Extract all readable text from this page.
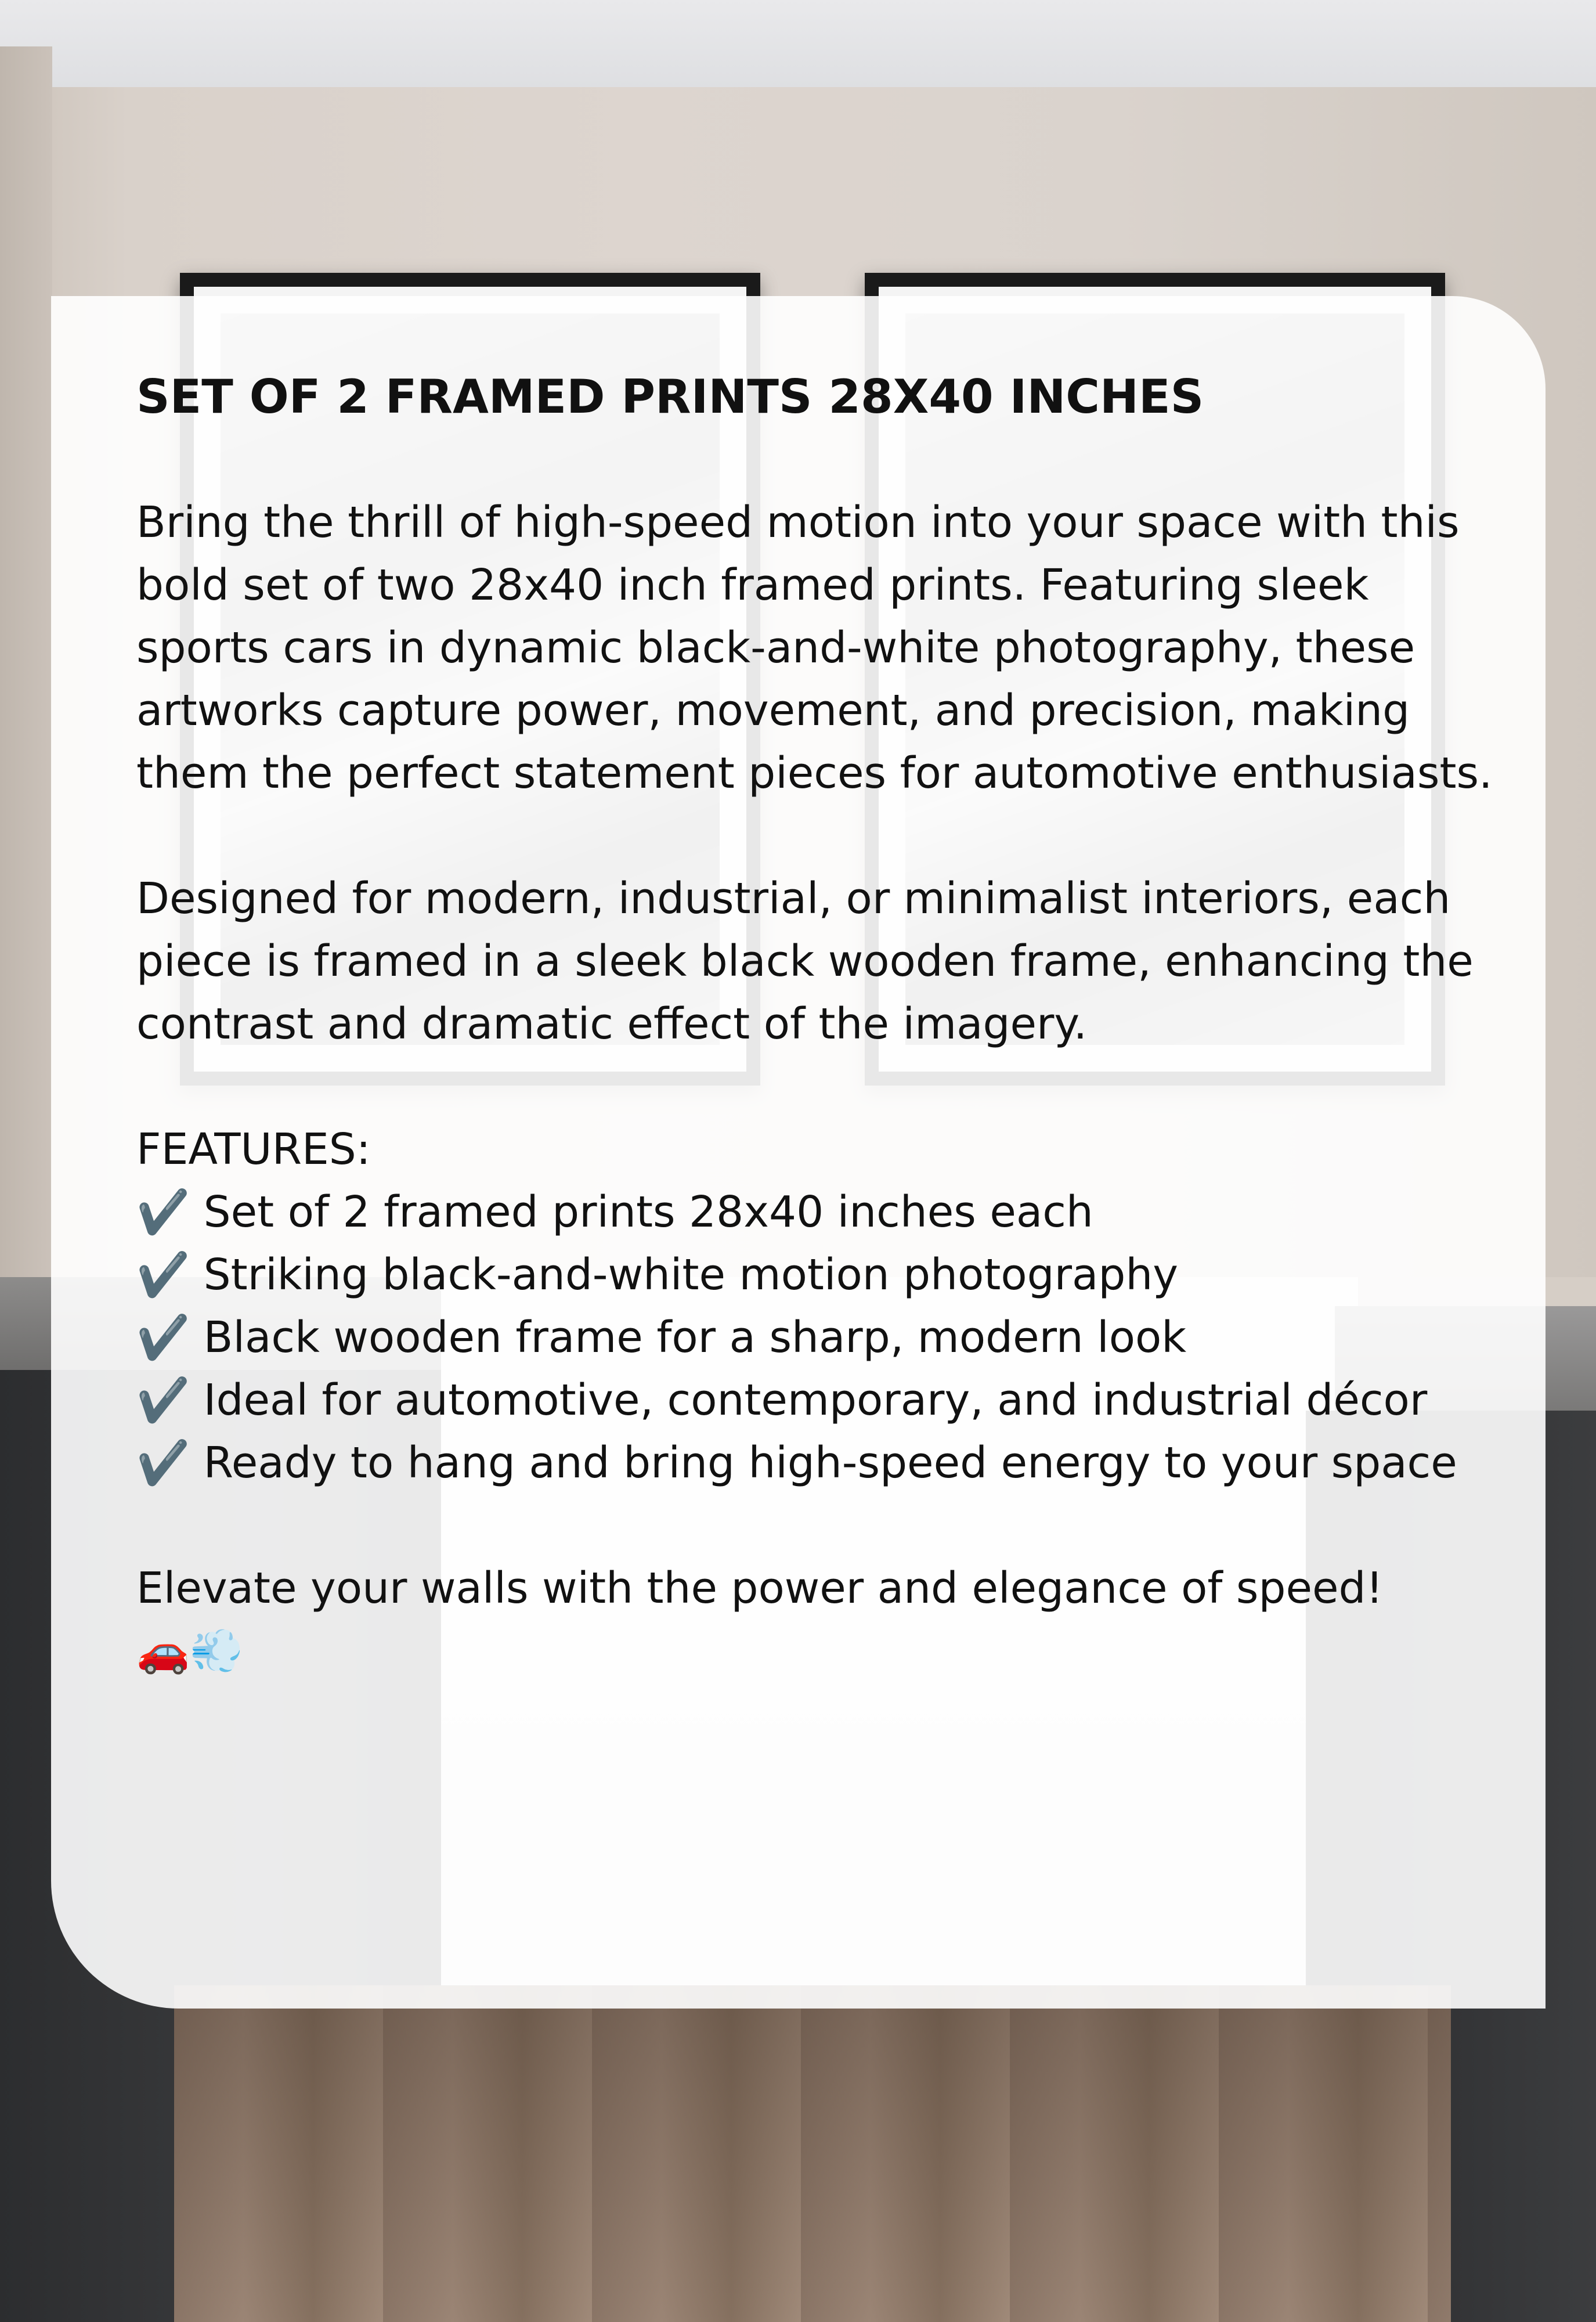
SET OF 2 FRAMED PRINTS 28X40 INCHES
Bring the thrill of high-speed motion into your space with this bold set of two 28x40 inch framed prints. Featuring sleek sports cars in dynamic black-and-white photography, these artworks capture power, movement, and precision, making them the perfect statement pieces for automotive enthusiasts.
Designed for modern, industrial, or minimalist interiors, each piece is framed in a sleek black wooden frame, enhancing the contrast and dramatic effect of the imagery.
FEATURES:
✔️ Set of 2 framed prints 28x40 inches each
✔️ Striking black-and-white motion photography
✔️ Black wooden frame for a sharp, modern look
✔️ Ideal for automotive, contemporary, and industrial décor
✔️ Ready to hang and bring high-speed energy to your space
Elevate your walls with the power and elegance of speed!
🚗💨
